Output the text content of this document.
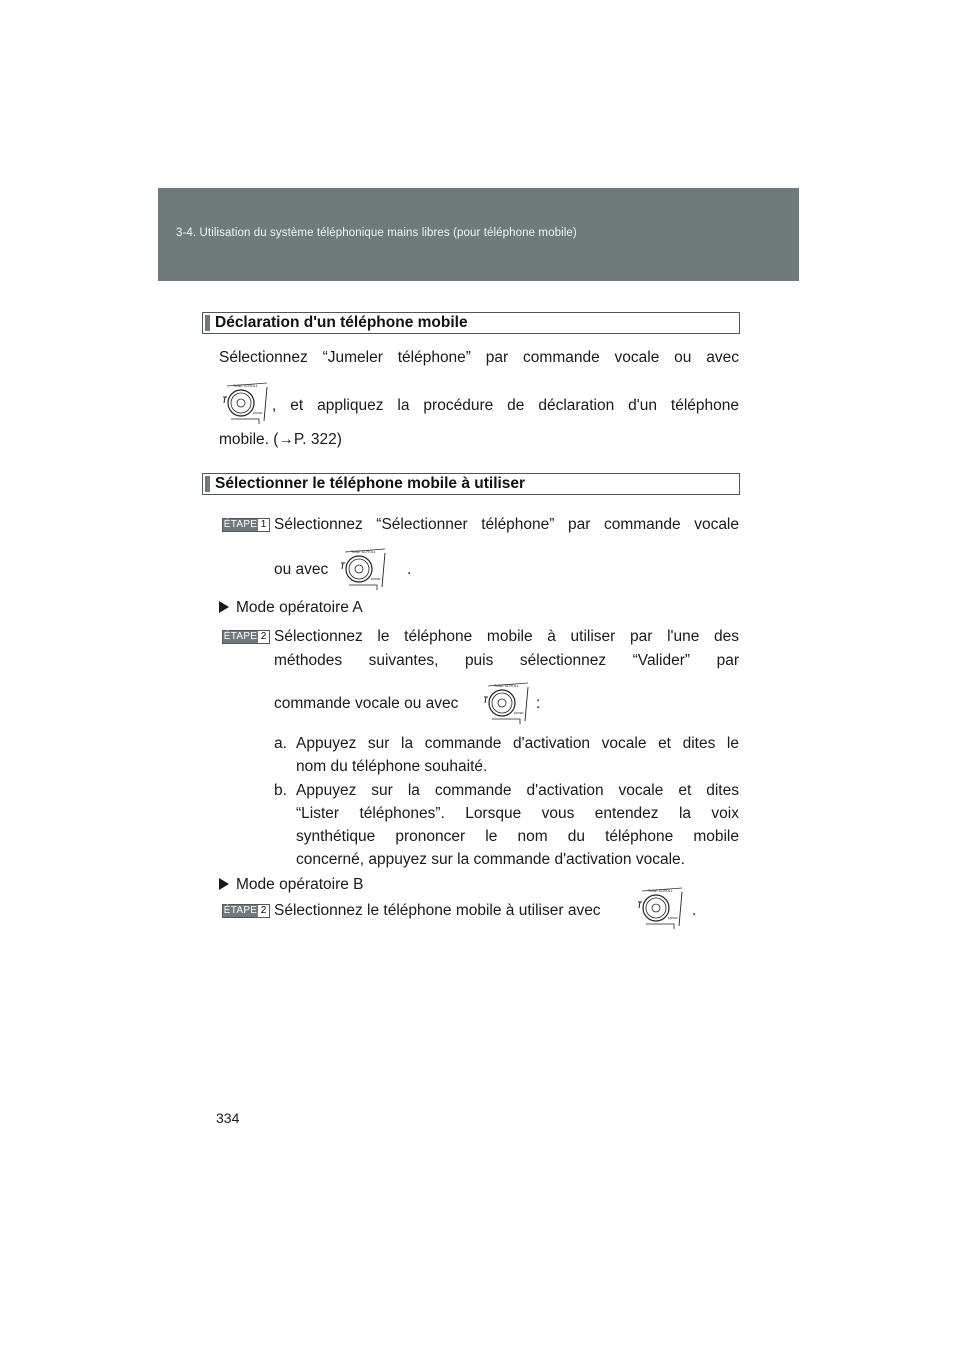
3-4. Utilisation du système téléphonique mains libres (pour téléphone mobile)
Déclaration d'un téléphone mobile
Sélectionnez “Jumeler téléphone” par commande vocale ou avec
TUNE·SCROLL
ENTER , et appliquez la procédure de déclaration d'un téléphone
mobile. (→P. 322)
Sélectionner le téléphone mobile à utiliser
ÉTAPE 1 Sélectionnez “Sélectionner téléphone” par commande vocale
ou avec
TUNE·SCROLL
ENTER
.
Mode opératoire A
ÉTAPE 2 Sélectionnez le téléphone mobile à utiliser par l'une des
méthodes suivantes, puis sélectionnez “Valider” par
commande vocale ou avec
TUNE·SCROLL
ENTER
:
a. Appuyez sur la commande d'activation vocale et dites le
nom du téléphone souhaité.
b. Appuyez sur la commande d'activation vocale et dites
“Lister téléphones”. Lorsque vous entendez la voix
synthétique prononcer le nom du téléphone mobile
concerné, appuyez sur la commande d'activation vocale.
Mode opératoire B
ÉTAPE 2 Sélectionnez le téléphone mobile à utiliser avec
TUNE·SCROLL
ENTER .
334
